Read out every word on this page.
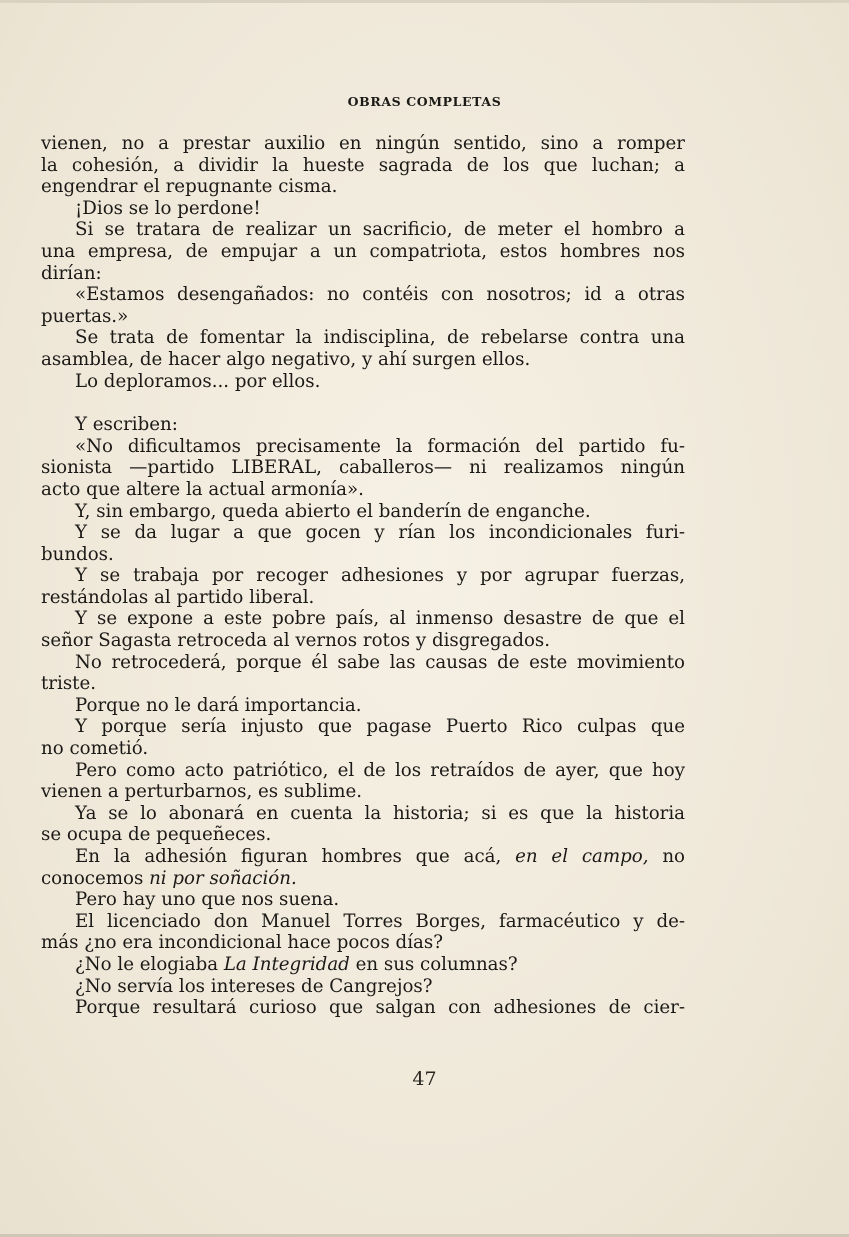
OBRAS COMPLETAS
vienen, no a prestar auxilio en ningún sentido, sino a romper
la cohesión, a dividir la hueste sagrada de los que luchan; a
engendrar el repugnante cisma.
¡Dios se lo perdone!
Si se tratara de realizar un sacrificio, de meter el hombro a
una empresa, de empujar a un compatriota, estos hombres nos
dirían:
«Estamos desengañados: no contéis con nosotros; id a otras
puertas.»
Se trata de fomentar la indisciplina, de rebelarse contra una
asamblea, de hacer algo negativo, y ahí surgen ellos.
Lo deploramos... por ellos.
Y escriben:
«No dificultamos precisamente la formación del partido fu-
sionista —partido LIBERAL, caballeros— ni realizamos ningún
acto que altere la actual armonía».
Y, sin embargo, queda abierto el banderín de enganche.
Y se da lugar a que gocen y rían los incondicionales furi-
bundos.
Y se trabaja por recoger adhesiones y por agrupar fuerzas,
restándolas al partido liberal.
Y se expone a este pobre país, al inmenso desastre de que el
señor Sagasta retroceda al vernos rotos y disgregados.
No retrocederá, porque él sabe las causas de este movimiento
triste.
Porque no le dará importancia.
Y porque sería injusto que pagase Puerto Rico culpas que
no cometió.
Pero como acto patriótico, el de los retraídos de ayer, que hoy
vienen a perturbarnos, es sublime.
Ya se lo abonará en cuenta la historia; si es que la historia
se ocupa de pequeñeces.
En la adhesión figuran hombres que acá, en el campo, no
conocemos ni por soñación.
Pero hay uno que nos suena.
El licenciado don Manuel Torres Borges, farmacéutico y de-
más ¿no era incondicional hace pocos días?
¿No le elogiaba La Integridad en sus columnas?
¿No servía los intereses de Cangrejos?
Porque resultará curioso que salgan con adhesiones de cier-
47
